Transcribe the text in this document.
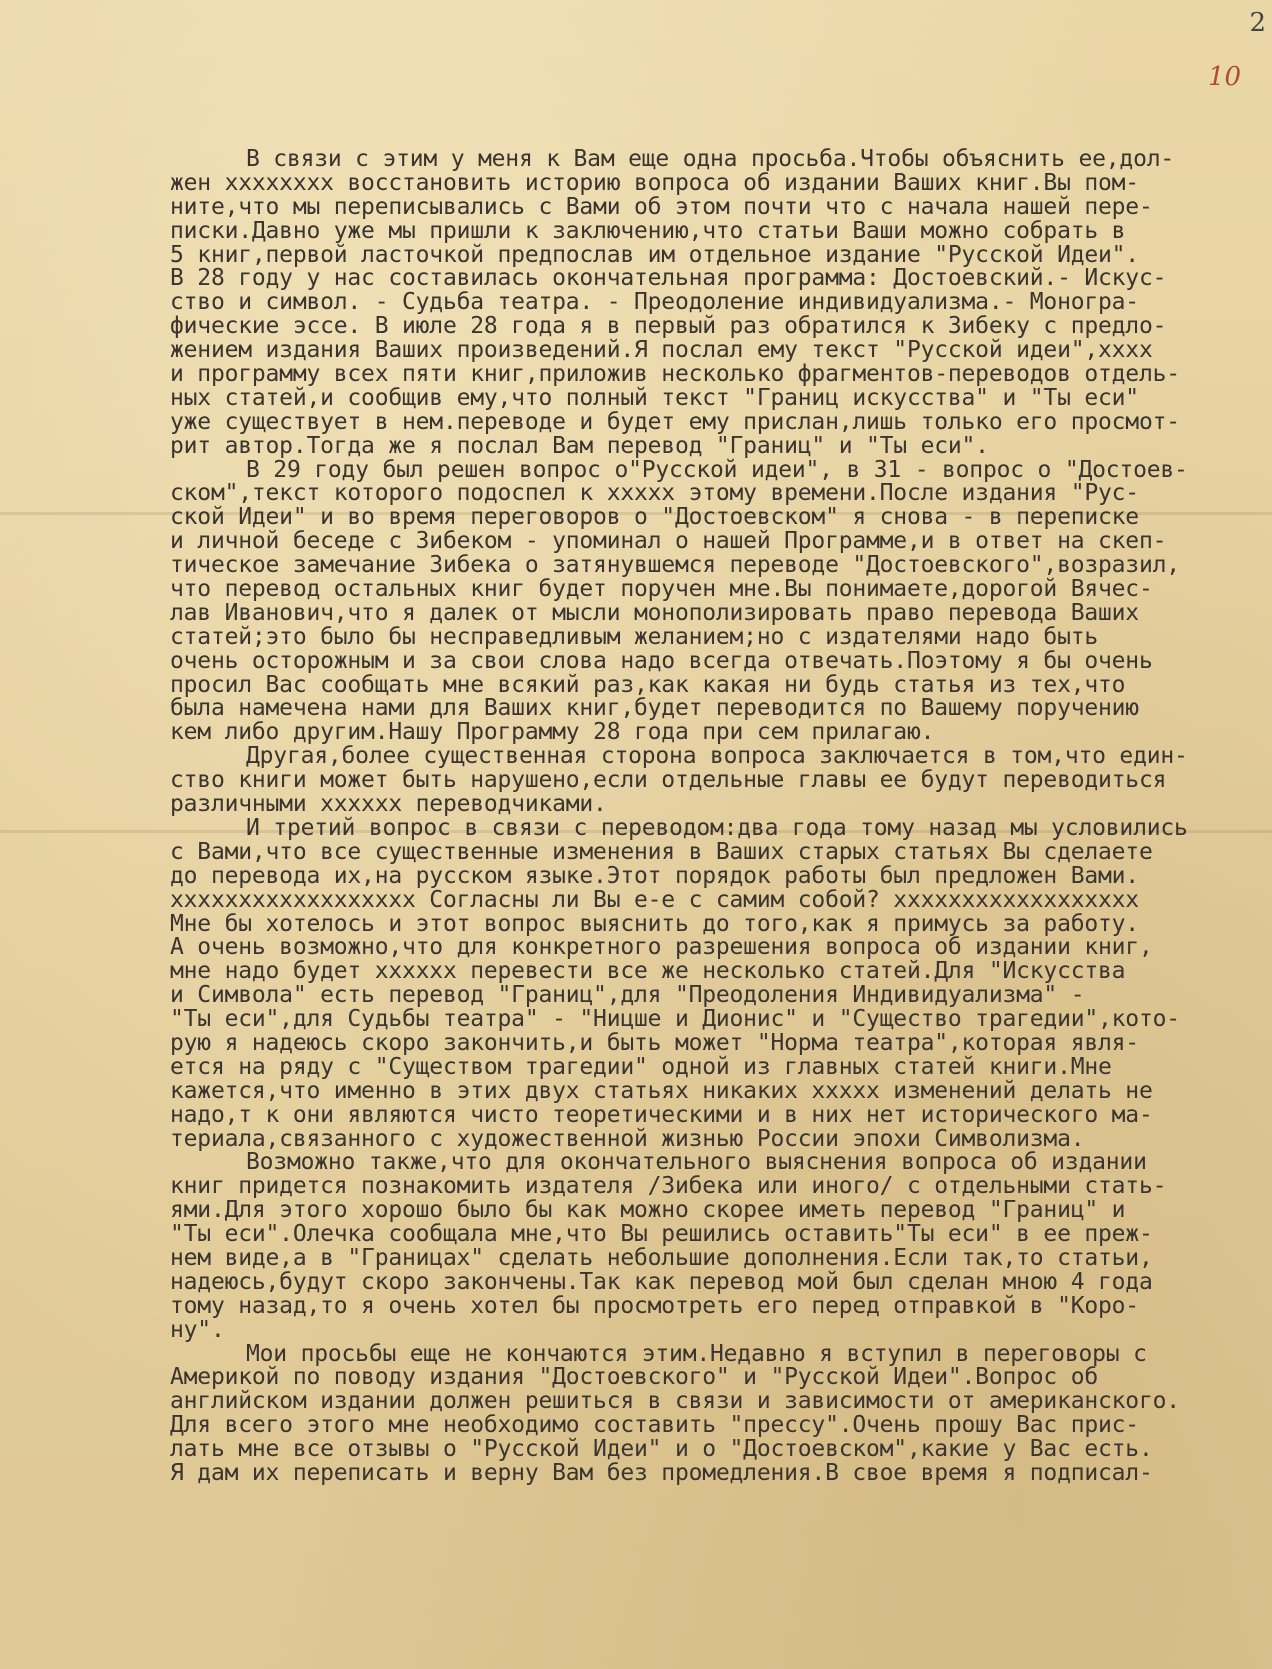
2
10
В связи с этим у меня к Вам еще одна просьба.Чтобы объяснить ее,дол-
жен xxxxxxxx восстановить историю вопроса об издании Ваших книг.Вы пом-
ните,что мы переписывались с Вами об этом почти что с начала нашей пере-
писки.Давно уже мы пришли к заключению,что статьи Ваши можно собрать в
5 книг,первой ласточкой предпослав им отдельное издание "Русской Идеи".
В 28 году у нас составилась окончательная программа: Достоевский.- Искус-
ство и символ. - Судьба театра. - Преодоление индивидуализма.- Моногра-
фические эссе. В июле 28 года я в первый раз обратился к Зибеку с предло-
жением издания Ваших произведений.Я послал ему текст "Русской идеи",xxxx
и программу всех пяти книг,приложив несколько фрагментов-переводов отдель-
ных статей,и сообщив ему,что полный текст "Границ искусства" и "Ты еси"
уже существует в нем.переводе и будет ему прислан,лишь только его просмот-
рит автор.Тогда же я послал Вам перевод "Границ" и "Ты еси".
В 29 году был решен вопрос о"Русской идеи", в 31 - вопрос о "Достоев-
ском",текст которого подоспел к xxxxx этому времени.После издания "Рус-
ской Идеи" и во время переговоров о "Достоевском" я снова - в переписке
и личной беседе с Зибеком - упоминал о нашей Программе,и в ответ на скеп-
тическое замечание Зибека о затянувшемся переводе "Достоевского",возразил,
что перевод остальных книг будет поручен мне.Вы понимаете,дорогой Вячес-
лав Иванович,что я далек от мысли монополизировать право перевода Ваших
статей;это было бы несправедливым желанием;но с издателями надо быть
очень осторожным и за свои слова надо всегда отвечать.Поэтому я бы очень
просил Вас сообщать мне всякий раз,как какая ни будь статья из тех,что
была намечена нами для Ваших книг,будет переводится по Вашему поручению
кем либо другим.Нашу Программу 28 года при сем прилагаю.
Другая,более существенная сторона вопроса заключается в том,что един-
ство книги может быть нарушено,если отдельные главы ее будут переводиться
различными xxxxxx переводчиками.
И третий вопрос в связи с переводом:два года тому назад мы условились
с Вами,что все существенные изменения в Ваших старых статьях Вы сделаете
до перевода их,на русском языке.Этот порядок работы был предложен Вами.
xxxxxxxxxxxxxxxxxx Согласны ли Вы е-е с самим собой? xxxxxxxxxxxxxxxxxx
Мне бы хотелось и этот вопрос выяснить до того,как я примусь за работу.
А очень возможно,что для конкретного разрешения вопроса об издании книг,
мне надо будет xxxxxx перевести все же несколько статей.Для "Искусства
и Символа" есть перевод "Границ",для "Преодоления Индивидуализма" -
"Ты еси",для Судьбы театра" - "Ницше и Дионис" и "Существо трагедии",кото-
рую я надеюсь скоро закончить,и быть может "Норма театра",которая явля-
ется на ряду с "Существом трагедии" одной из главных статей книги.Мне
кажется,что именно в этих двух статьях никаких xxxxx изменений делать не
надо,т к они являются чисто теоретическими и в них нет исторического ма-
териала,связанного с художественной жизнью России эпохи Символизма.
Возможно также,что для окончательного выяснения вопроса об издании
книг придется познакомить издателя /Зибека или иного/ с отдельными стать-
ями.Для этого хорошо было бы как можно скорее иметь перевод "Границ" и
"Ты еси".Олечка сообщала мне,что Вы решились оставить"Ты еси" в ее преж-
нем виде,а в "Границах" сделать небольшие дополнения.Если так,то статьи,
надеюсь,будут скоро закончены.Так как перевод мой был сделан мною 4 года
тому назад,то я очень хотел бы просмотреть его перед отправкой в "Коро-
ну".
Мои просьбы еще не кончаются этим.Недавно я вступил в переговоры с
Америкой по поводу издания "Достоевского" и "Русской Идеи".Вопрос об
английском издании должен решиться в связи и зависимости от американского.
Для всего этого мне необходимо составить "прессу".Очень прошу Вас прис-
лать мне все отзывы о "Русской Идеи" и о "Достоевском",какие у Вас есть.
Я дам их переписать и верну Вам без промедления.В свое время я подписал-
